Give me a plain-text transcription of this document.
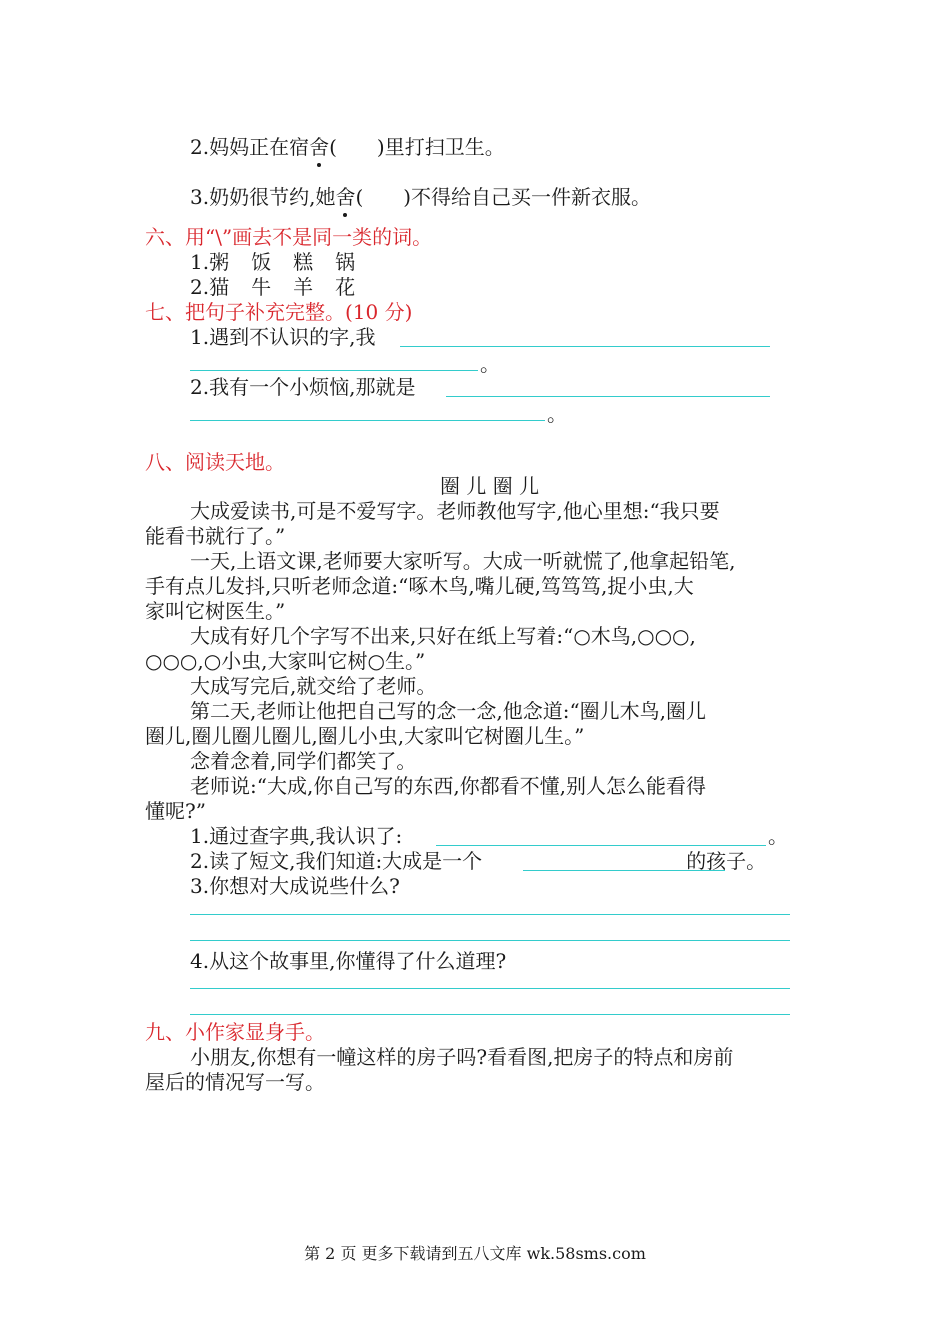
2.妈妈正在宿舍(　　)里打扫卫生。
3.奶奶很节约,她舍(　　)不得给自己买一件新衣服。
六、用“\”画去不是同一类的词。
1.粥 饭 糕 锅
2.猫 牛 羊 花
七、把句子补充完整。(10 分)
1.遇到不认识的字,我
。
2.我有一个小烦恼,那就是
。
八、阅读天地。
圈 儿 圈 儿
大成爱读书,可是不爱写字。老师教他写字,他心里想:“我只要
能看书就行了。”
一天,上语文课,老师要大家听写。大成一听就慌了,他拿起铅笔,
手有点儿发抖,只听老师念道:“啄木鸟,嘴儿硬,笃笃笃,捉小虫,大
家叫它树医生。”
大成有好几个字写不出来,只好在纸上写着:“○木鸟,○○○,
○○○,○小虫,大家叫它树○生。”
大成写完后,就交给了老师。
第二天,老师让他把自己写的念一念,他念道:“圈儿木鸟,圈儿
圈儿,圈儿圈儿圈儿,圈儿小虫,大家叫它树圈儿生。”
念着念着,同学们都笑了。
老师说:“大成,你自己写的东西,你都看不懂,别人怎么能看得
懂呢?”
1.通过查字典,我认识了:	。
2.读了短文,我们知道:大成是一个	的孩子。
3.你想对大成说些什么?
4.从这个故事里,你懂得了什么道理?
九、小作家显身手。
小朋友,你想有一幢这样的房子吗?看看图,把房子的特点和房前
屋后的情况写一写。
第 2 页 更多下载请到五八文库 wk.58sms.com
